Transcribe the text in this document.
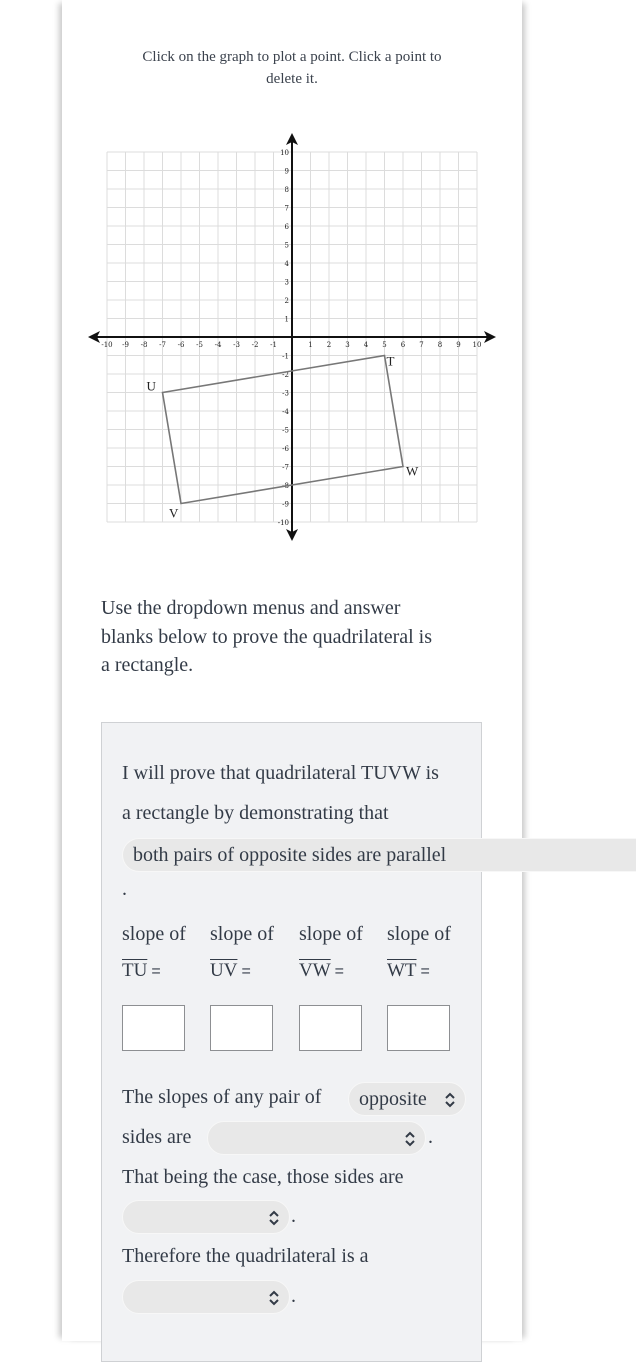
Click on the graph to plot a point. Click a point to
delete it.
-10 -9 -8 -7 -6 -5 -4 -3 -2 -1	1 2 3 4 5 6 7 8 9 10
-10
-9
-8
-7
-6
-5
-4
-3
-2
-1
1
2
3
4
5
6
7
8
9
10
T
U
V
W
Use the dropdown menus and answer
blanks below to prove the quadrilateral is
a rectangle.
I will prove that quadrilateral TUVW is
a rectangle by demonstrating that
both pairs of opposite sides are parallel
.
slope of
$\overline{TU}$ =
slope of
$\overline{UV}$ =
slope of
$\overline{VW}$ =
slope of
$\overline{WT}$ =
The slopes of any pair of opposite
sides are	.
That being the case, those sides are
.
Therefore the quadrilateral is a
.
